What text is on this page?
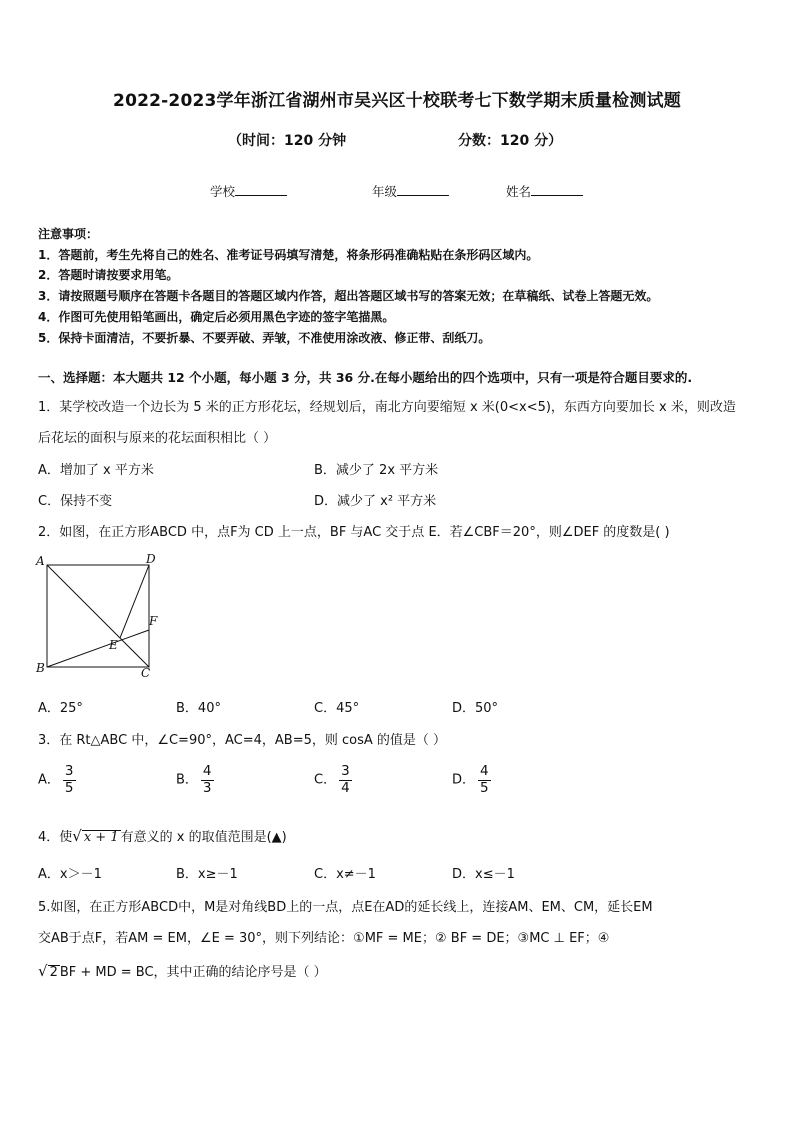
2022-2023学年浙江省湖州市吴兴区十校联考七下数学期末质量检测试题
（时间：120 分钟	分数：120 分）
学校	年级	姓名
注意事项：
1．答题前，考生先将自己的姓名、准考证号码填写清楚，将条形码准确粘贴在条形码区域内。
2．答题时请按要求用笔。
3．请按照题号顺序在答题卡各题目的答题区域内作答，超出答题区域书写的答案无效；在草稿纸、试卷上答题无效。
4．作图可先使用铅笔画出，确定后必须用黑色字迹的签字笔描黑。
5．保持卡面清洁，不要折暴、不要弄破、弄皱，不准使用涂改液、修正带、刮纸刀。
一、选择题：本大题共 12 个小题，每小题 3 分，共 36 分.在每小题给出的四个选项中，只有一项是符合题目要求的.
1．某学校改造一个边长为 5 米的正方形花坛，经规划后，南北方向要缩短 x 米(0<x<5)，东西方向要加长 x 米，则改造
后花坛的面积与原来的花坛面积相比（ ）
A．增加了 x 平方米	B．减少了 2x 平方米
C．保持不变	D．减少了 x² 平方米
2．如图，在正方形ABCD 中，点F为 CD 上一点，BF 与AC 交于点 E．若∠CBF＝20°，则∠DEF 的度数是( )
A	D
F
E
B	C
A．25°	B．40°	C．45°	D．50°
3．在 Rt△ABC 中，∠C=90°，AC=4，AB=5，则 cosA 的值是（ ）
A． $\frac{3}{5}$	B． $\frac{4}{3}$	C． $\frac{3}{4}$	D． $\frac{4}{5}$
4．使√ x + 1 有意义的 x 的取值范围是(▲)
A．x＞－1	B．x≥－1	C．x≠－1	D．x≤－1
5.如图，在正方形ABCD中，M是对角线BD上的一点，点E在AD的延长线上，连接AM、EM、CM，延长EM
交AB于点F，若AM = EM，∠E = 30°，则下列结论：①MF = ME；② BF = DE；③MC ⊥ EF；④
√ 2 BF + MD = BC，其中正确的结论序号是（ ）
